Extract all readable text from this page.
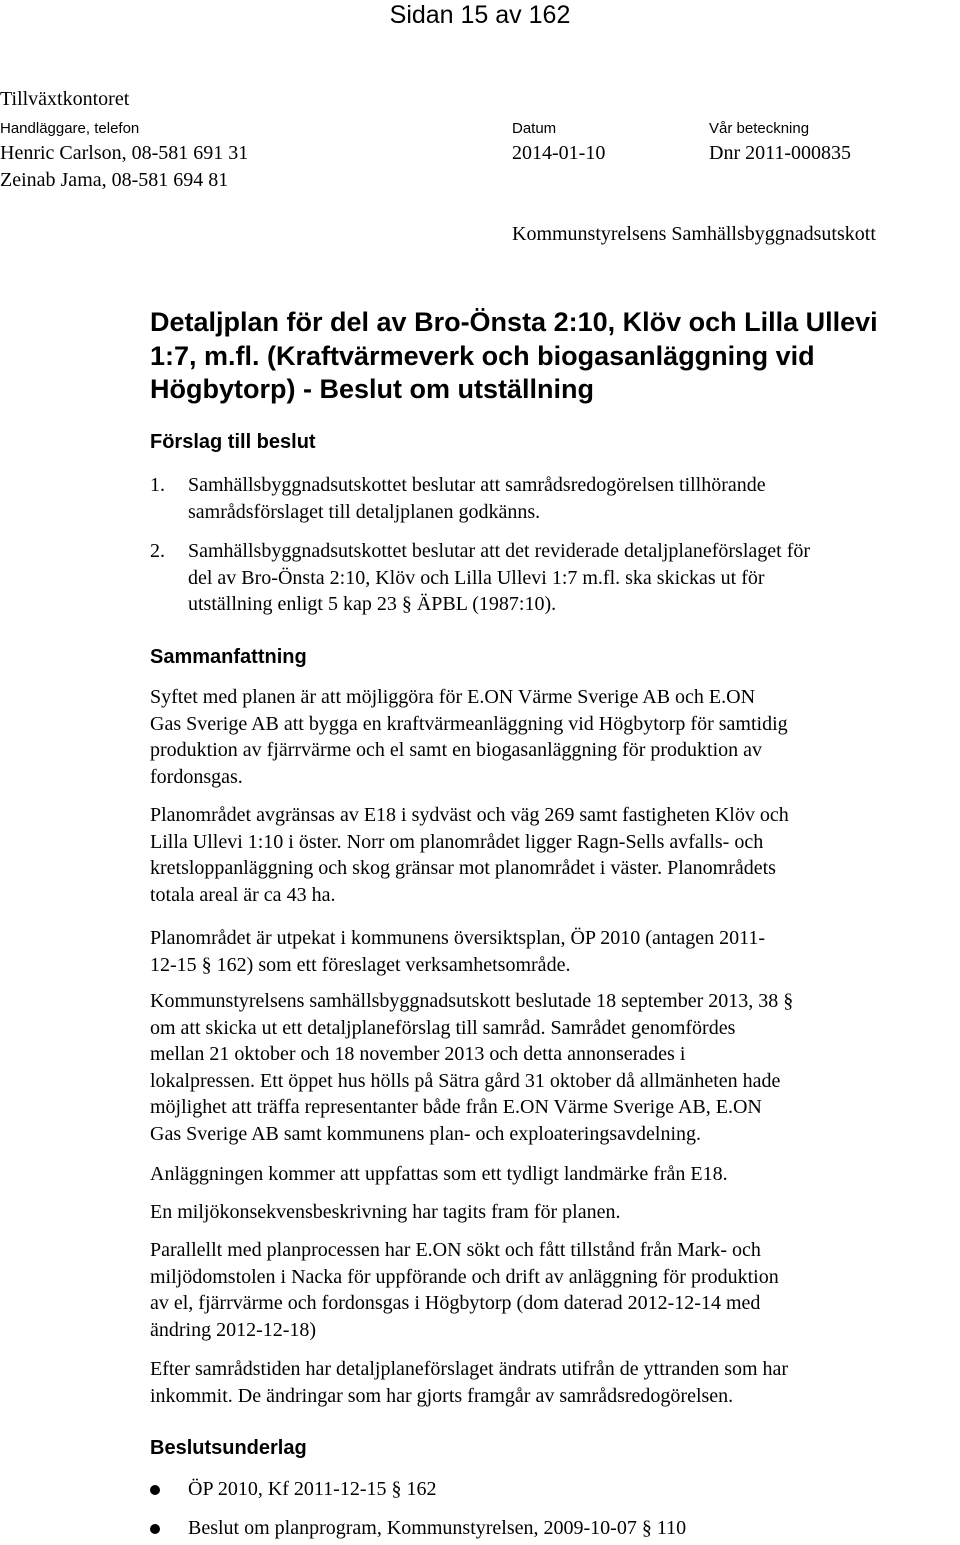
Sidan 15 av 162
Tillväxtkontoret
Handläggare, telefon	Datum	Vår beteckning
Henric Carlson, 08-581 691 31	2014-01-10	Dnr 2011-000835
Zeinab Jama, 08-581 694 81
Kommunstyrelsens Samhällsbyggnadsutskott
Detaljplan för del av Bro-Önsta 2:10, Klöv och Lilla Ullevi
1:7, m.fl. (Kraftvärmeverk och biogasanläggning vid
Högbytorp) - Beslut om utställning
Förslag till beslut
1. Samhällsbyggnadsutskottet beslutar att samrådsredogörelsen tillhörande
samrådsförslaget till detaljplanen godkänns.
2. Samhällsbyggnadsutskottet beslutar att det reviderade detaljplaneförslaget för
del av Bro-Önsta 2:10, Klöv och Lilla Ullevi 1:7 m.fl. ska skickas ut för
utställning enligt 5 kap 23 § ÄPBL (1987:10).
Sammanfattning
Syftet med planen är att möjliggöra för E.ON Värme Sverige AB och E.ON
Gas Sverige AB att bygga en kraftvärmeanläggning vid Högbytorp för samtidig
produktion av fjärrvärme och el samt en biogasanläggning för produktion av
fordonsgas.
Planområdet avgränsas av E18 i sydväst och väg 269 samt fastigheten Klöv och
Lilla Ullevi 1:10 i öster. Norr om planområdet ligger Ragn-Sells avfalls- och
kretsloppanläggning och skog gränsar mot planområdet i väster. Planområdets
totala areal är ca 43 ha.
Planområdet är utpekat i kommunens översiktsplan, ÖP 2010 (antagen 2011-
12-15 § 162) som ett föreslaget verksamhetsområde.
Kommunstyrelsens samhällsbyggnadsutskott beslutade 18 september 2013, 38 §
om att skicka ut ett detaljplaneförslag till samråd. Samrådet genomfördes
mellan 21 oktober och 18 november 2013 och detta annonserades i
lokalpressen. Ett öppet hus hölls på Sätra gård 31 oktober då allmänheten hade
möjlighet att träffa representanter både från E.ON Värme Sverige AB, E.ON
Gas Sverige AB samt kommunens plan- och exploateringsavdelning.
Anläggningen kommer att uppfattas som ett tydligt landmärke från E18.
En miljökonsekvensbeskrivning har tagits fram för planen.
Parallellt med planprocessen har E.ON sökt och fått tillstånd från Mark- och
miljödomstolen i Nacka för uppförande och drift av anläggning för produktion
av el, fjärrvärme och fordonsgas i Högbytorp (dom daterad 2012-12-14 med
ändring 2012-12-18)
Efter samrådstiden har detaljplaneförslaget ändrats utifrån de yttranden som har
inkommit. De ändringar som har gjorts framgår av samrådsredogörelsen.
Beslutsunderlag
ÖP 2010, Kf 2011-12-15 § 162
Beslut om planprogram, Kommunstyrelsen, 2009-10-07 § 110
